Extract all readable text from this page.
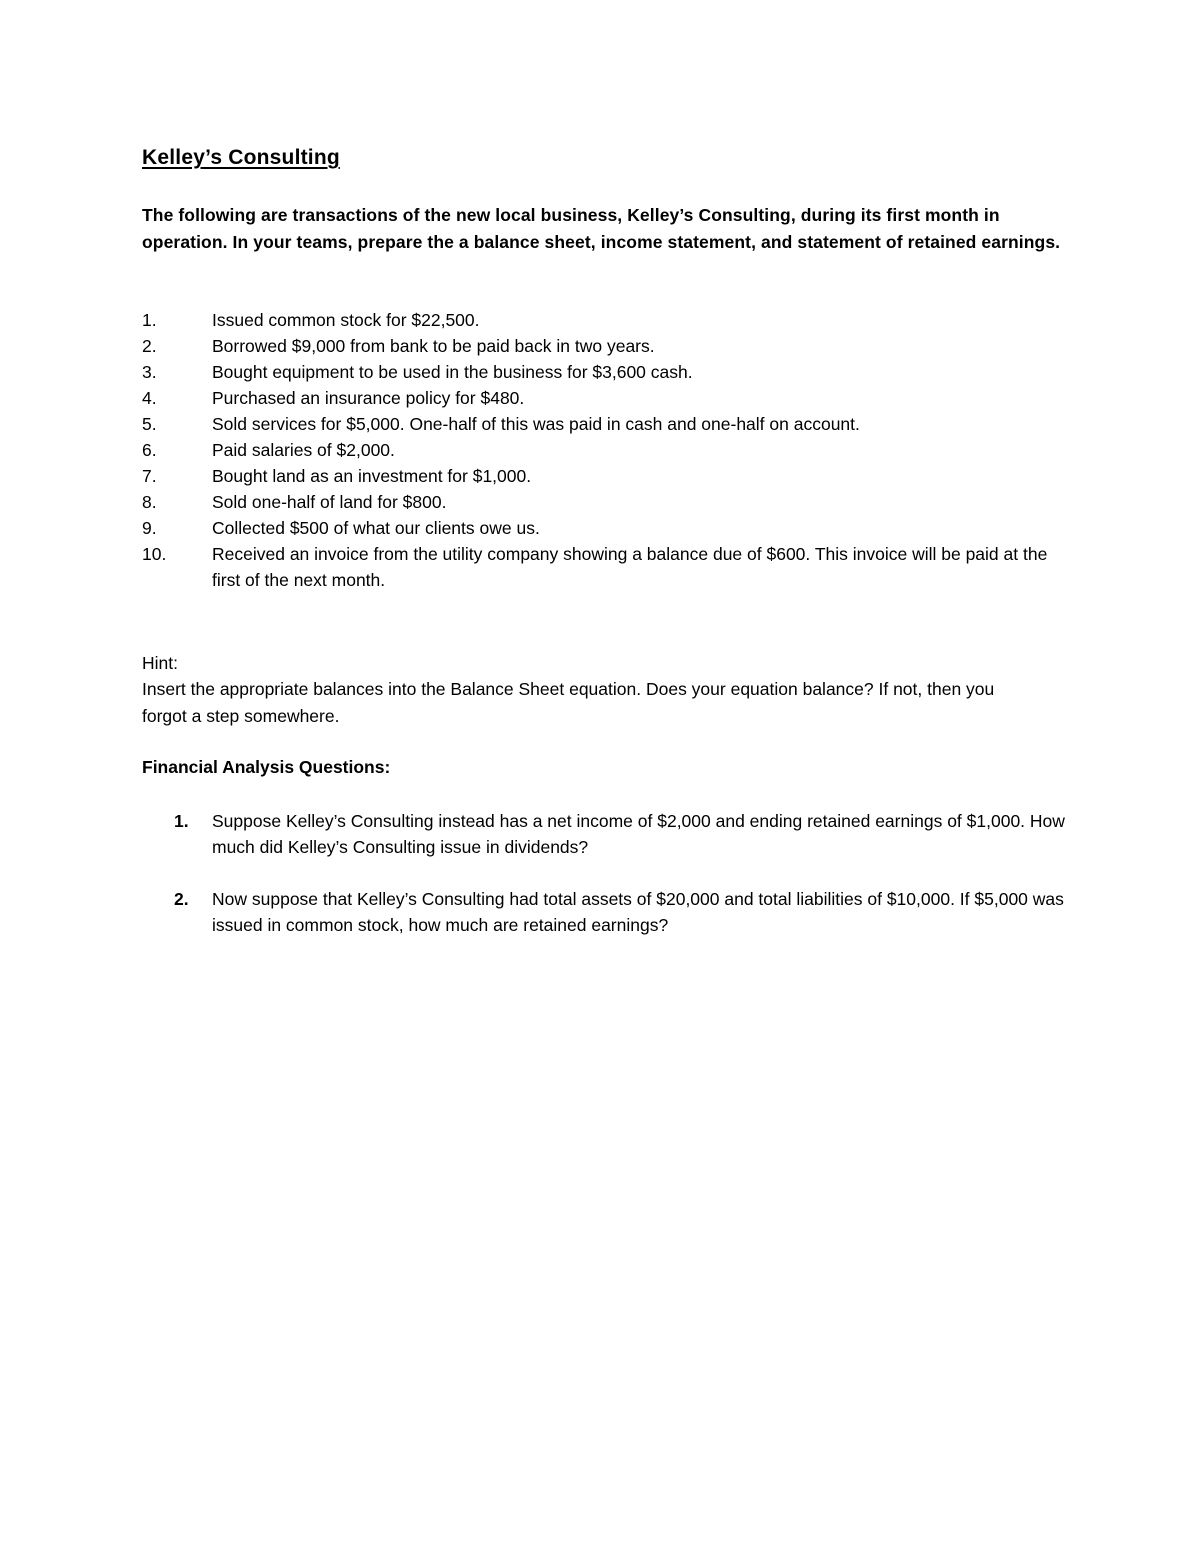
Kelley’s Consulting
The following are transactions of the new local business, Kelley’s Consulting, during its first month in operation. In your teams, prepare the a balance sheet, income statement, and statement of retained earnings.
1.	Issued common stock for $22,500.
2.	Borrowed $9,000 from bank to be paid back in two years.
3.	Bought equipment to be used in the business for $3,600 cash.
4.	Purchased an insurance policy for $480.
5.	Sold services for $5,000. One-half of this was paid in cash and one-half on account.
6.	Paid salaries of $2,000.
7.	Bought land as an investment for $1,000.
8.	Sold one-half of land for $800.
9.	Collected $500 of what our clients owe us.
10.	Received an invoice from the utility company showing a balance due of $600. This invoice will be paid at the first of the next month.
Hint:
Insert the appropriate balances into the Balance Sheet equation. Does your equation balance? If not, then you forgot a step somewhere.
Financial Analysis Questions:
1.	Suppose Kelley’s Consulting instead has a net income of $2,000 and ending retained earnings of $1,000. How much did Kelley’s Consulting issue in dividends?
2.	Now suppose that Kelley’s Consulting had total assets of $20,000 and total liabilities of $10,000. If $5,000 was issued in common stock, how much are retained earnings?
